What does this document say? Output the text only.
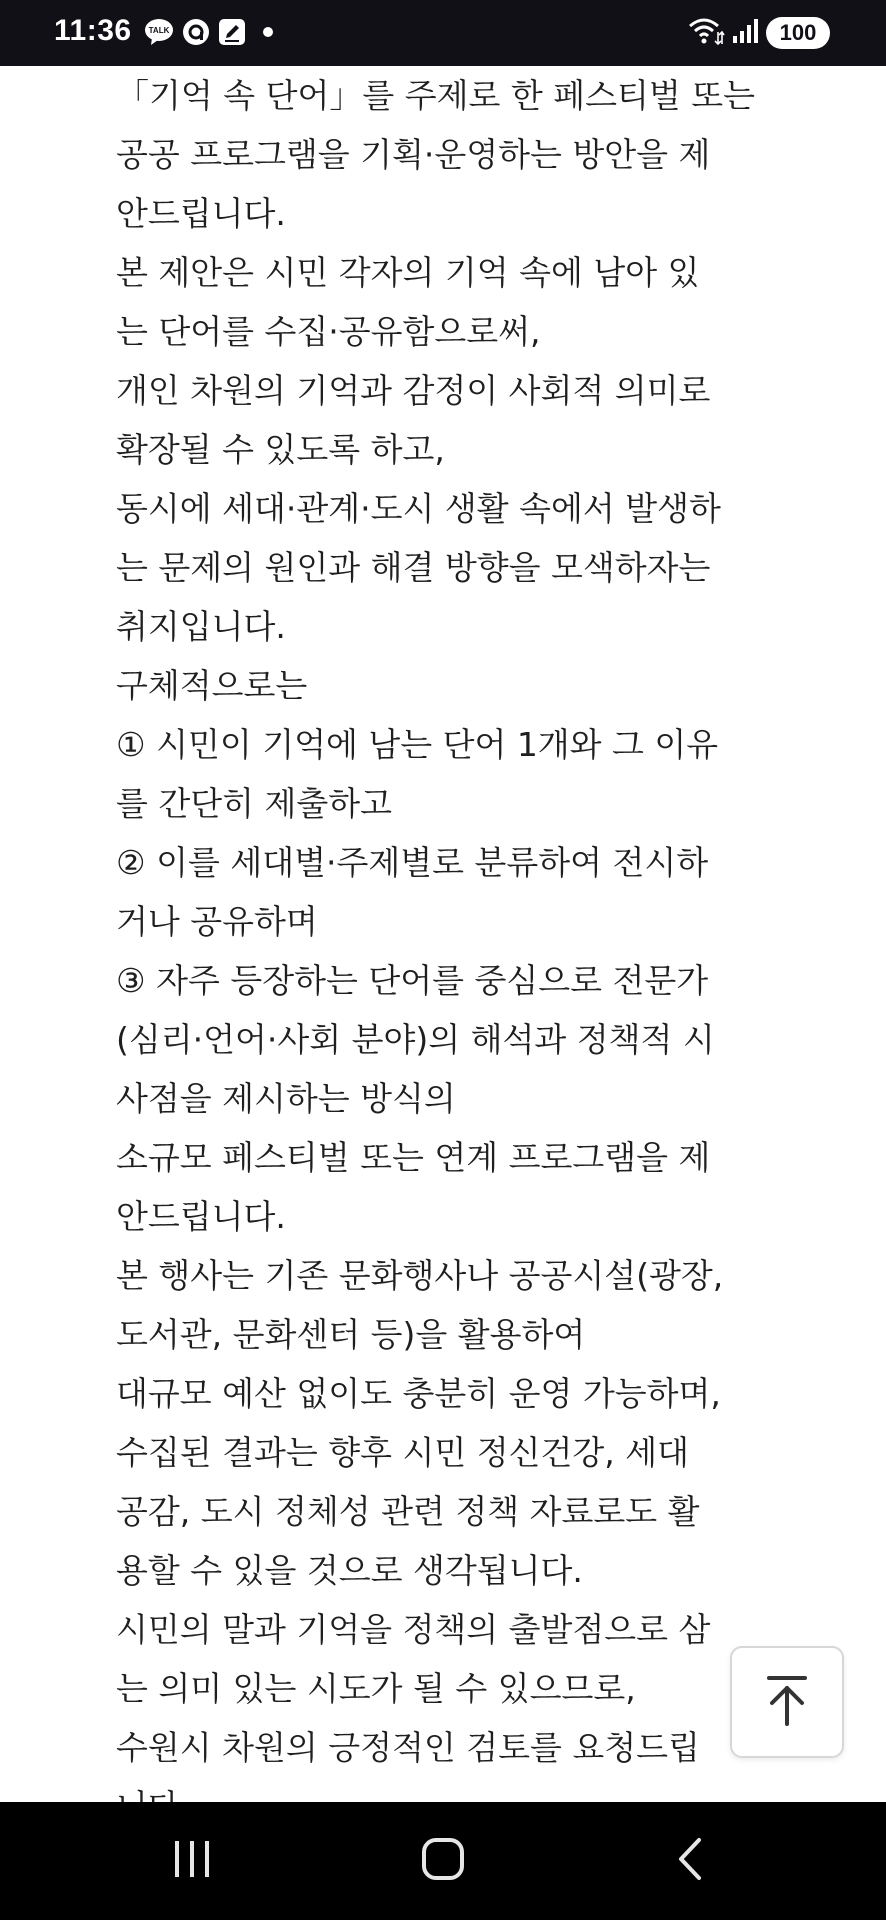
11:36 TALK	100
「기억 속 단어」를 주제로 한 페스티벌 또는
공공 프로그램을 기획·운영하는 방안을 제
안드립니다.
본 제안은 시민 각자의 기억 속에 남아 있
는 단어를 수집·공유함으로써,
개인 차원의 기억과 감정이 사회적 의미로
확장될 수 있도록 하고,
동시에 세대·관계·도시 생활 속에서 발생하
는 문제의 원인과 해결 방향을 모색하자는
취지입니다.
구체적으로는
① 시민이 기억에 남는 단어 1개와 그 이유
를 간단히 제출하고
② 이를 세대별·주제별로 분류하여 전시하
거나 공유하며
③ 자주 등장하는 단어를 중심으로 전문가
(심리·언어·사회 분야)의 해석과 정책적 시
사점을 제시하는 방식의
소규모 페스티벌 또는 연계 프로그램을 제
안드립니다.
본 행사는 기존 문화행사나 공공시설(광장,
도서관, 문화센터 등)을 활용하여
대규모 예산 없이도 충분히 운영 가능하며,
수집된 결과는 향후 시민 정신건강, 세대
공감, 도시 정체성 관련 정책 자료로도 활
용할 수 있을 것으로 생각됩니다.
시민의 말과 기억을 정책의 출발점으로 삼
는 의미 있는 시도가 될 수 있으므로,
수원시 차원의 긍정적인 검토를 요청드립
